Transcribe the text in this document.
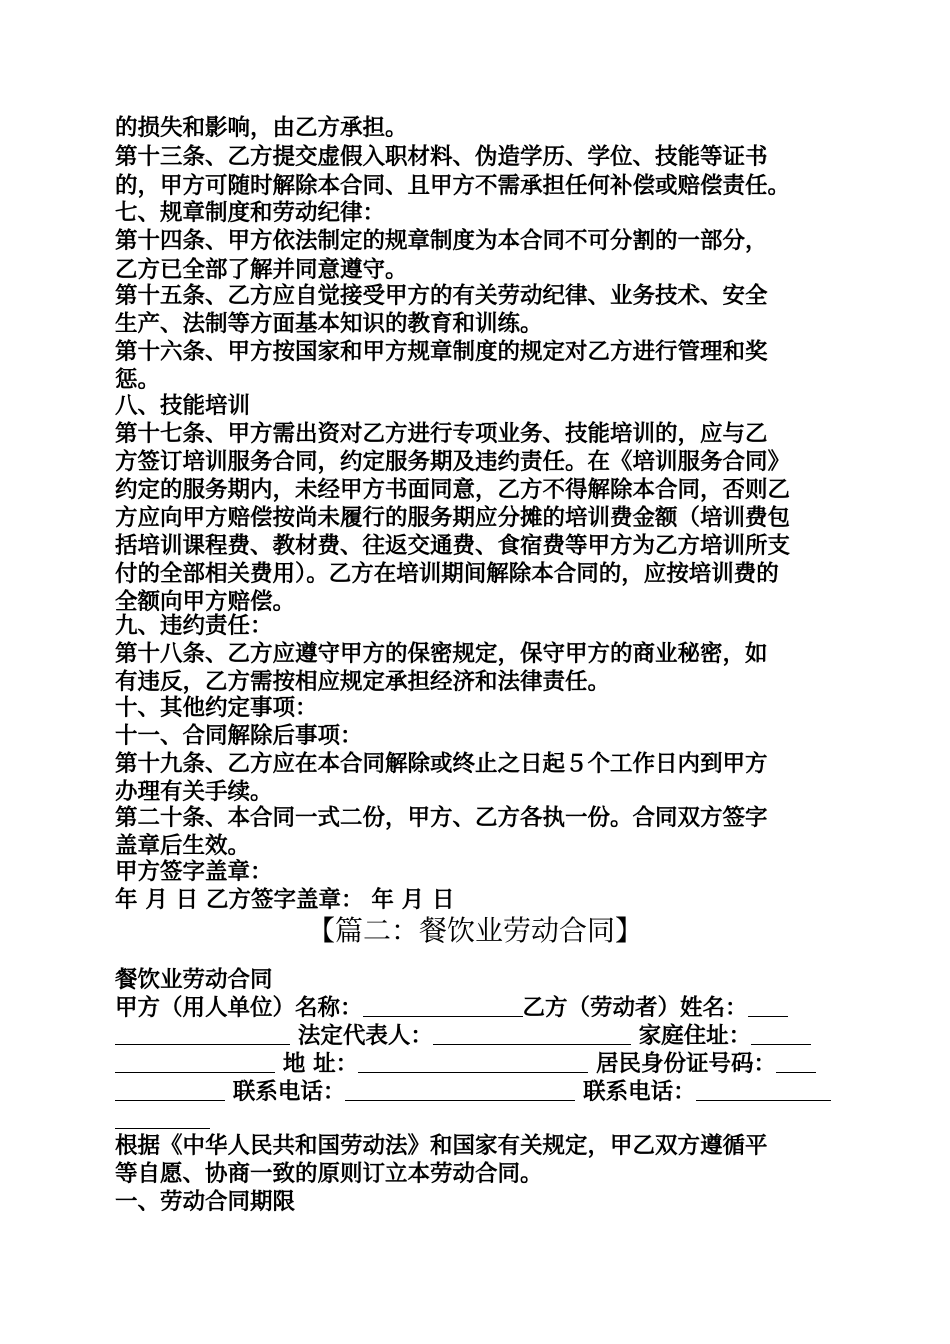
的损失和影响，由乙方承担。
第十三条、乙方提交虚假入职材料、伪造学历、学位、技能等证书
的，甲方可随时解除本合同、且甲方不需承担任何补偿或赔偿责任。
七、规章制度和劳动纪律：
第十四条、甲方依法制定的规章制度为本合同不可分割的一部分，
乙方已全部了解并同意遵守。
第十五条、乙方应自觉接受甲方的有关劳动纪律、业务技术、安全
生产、法制等方面基本知识的教育和训练。
第十六条、甲方按国家和甲方规章制度的规定对乙方进行管理和奖
惩。
八、技能培训
第十七条、甲方需出资对乙方进行专项业务、技能培训的，应与乙
方签订培训服务合同，约定服务期及违约责任。在《培训服务合同》
约定的服务期内，未经甲方书面同意，乙方不得解除本合同，否则乙
方应向甲方赔偿按尚未履行的服务期应分摊的培训费金额（培训费包
括培训课程费、教材费、往返交通费、食宿费等甲方为乙方培训所支
付的全部相关费用）。乙方在培训期间解除本合同的，应按培训费的
全额向甲方赔偿。
九、违约责任：
第十八条、乙方应遵守甲方的保密规定，保守甲方的商业秘密，如
有违反，乙方需按相应规定承担经济和法律责任。
十、其他约定事项：
十一、合同解除后事项：
第十九条、乙方应在本合同解除或终止之日起５个工作日内到甲方
办理有关手续。
第二十条、本合同一式二份，甲方、乙方各执一份。合同双方签字
盖章后生效。
甲方签字盖章：
年 月 日 乙方签字盖章： 年 月 日
【篇二：餐饮业劳动合同】
餐饮业劳动合同
甲方（用人单位）名称：	乙方（劳动者）姓名：
法定代表人：	家庭住址：
地 址：	居民身份证号码：
联系电话：	联系电话：
根据《中华人民共和国劳动法》和国家有关规定，甲乙双方遵循平
等自愿、协商一致的原则订立本劳动合同。
一、劳动合同期限
